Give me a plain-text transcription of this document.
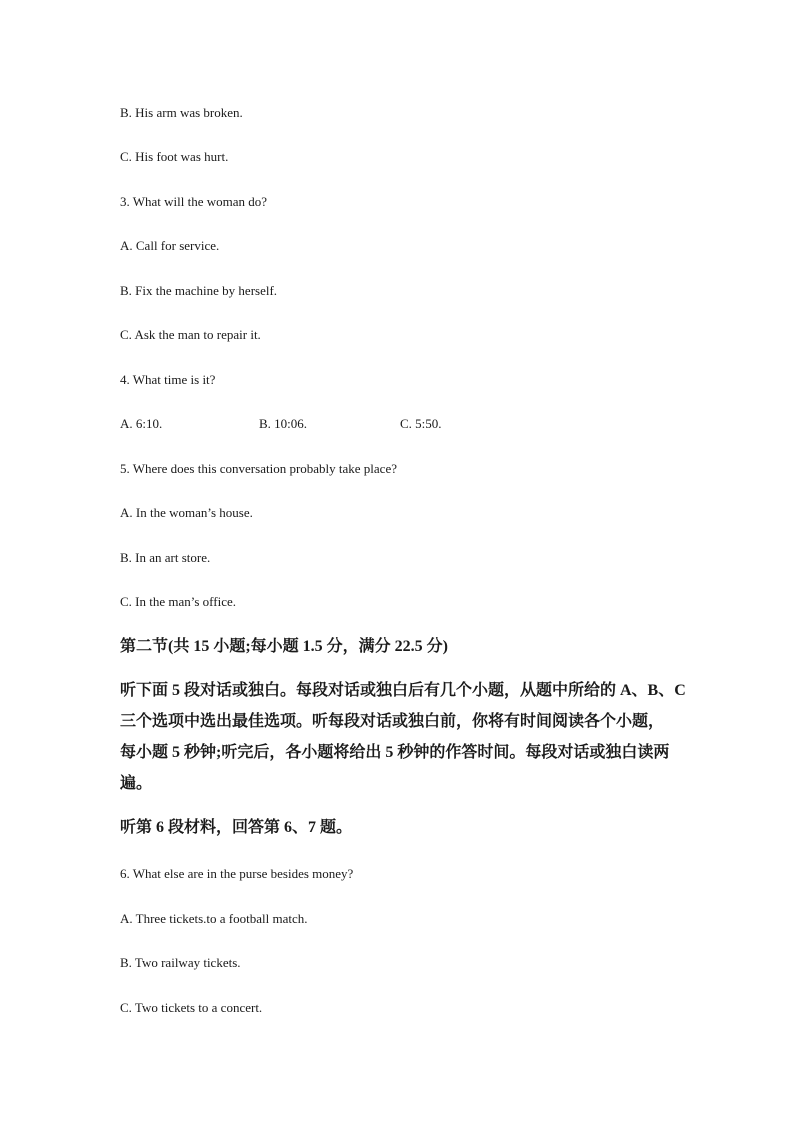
B. His arm was broken.
C. His foot was hurt.
3. What will the woman do?
A. Call for service.
B. Fix the machine by herself.
C. Ask the man to repair it.
4. What time is it?
A. 6:10.	B. 10:06.	C. 5:50.
5. Where does this conversation probably take place?
A. In the woman’s house.
B. In an art store.
C. In the man’s office.
第二节(共 15 小题;每小题 1.5 分，满分 22.5 分)
听下面 5 段对话或独白。每段对话或独白后有几个小题，从题中所给的 A、B、C
三个选项中选出最佳选项。听每段对话或独白前，你将有时间阅读各个小题，
每小题 5 秒钟;听完后，各小题将给出 5 秒钟的作答时间。每段对话或独白读两
遍。
听第 6 段材料，回答第 6、7 题。
6. What else are in the purse besides money?
A. Three tickets.to a football match.
B. Two railway tickets.
C. Two tickets to a concert.
